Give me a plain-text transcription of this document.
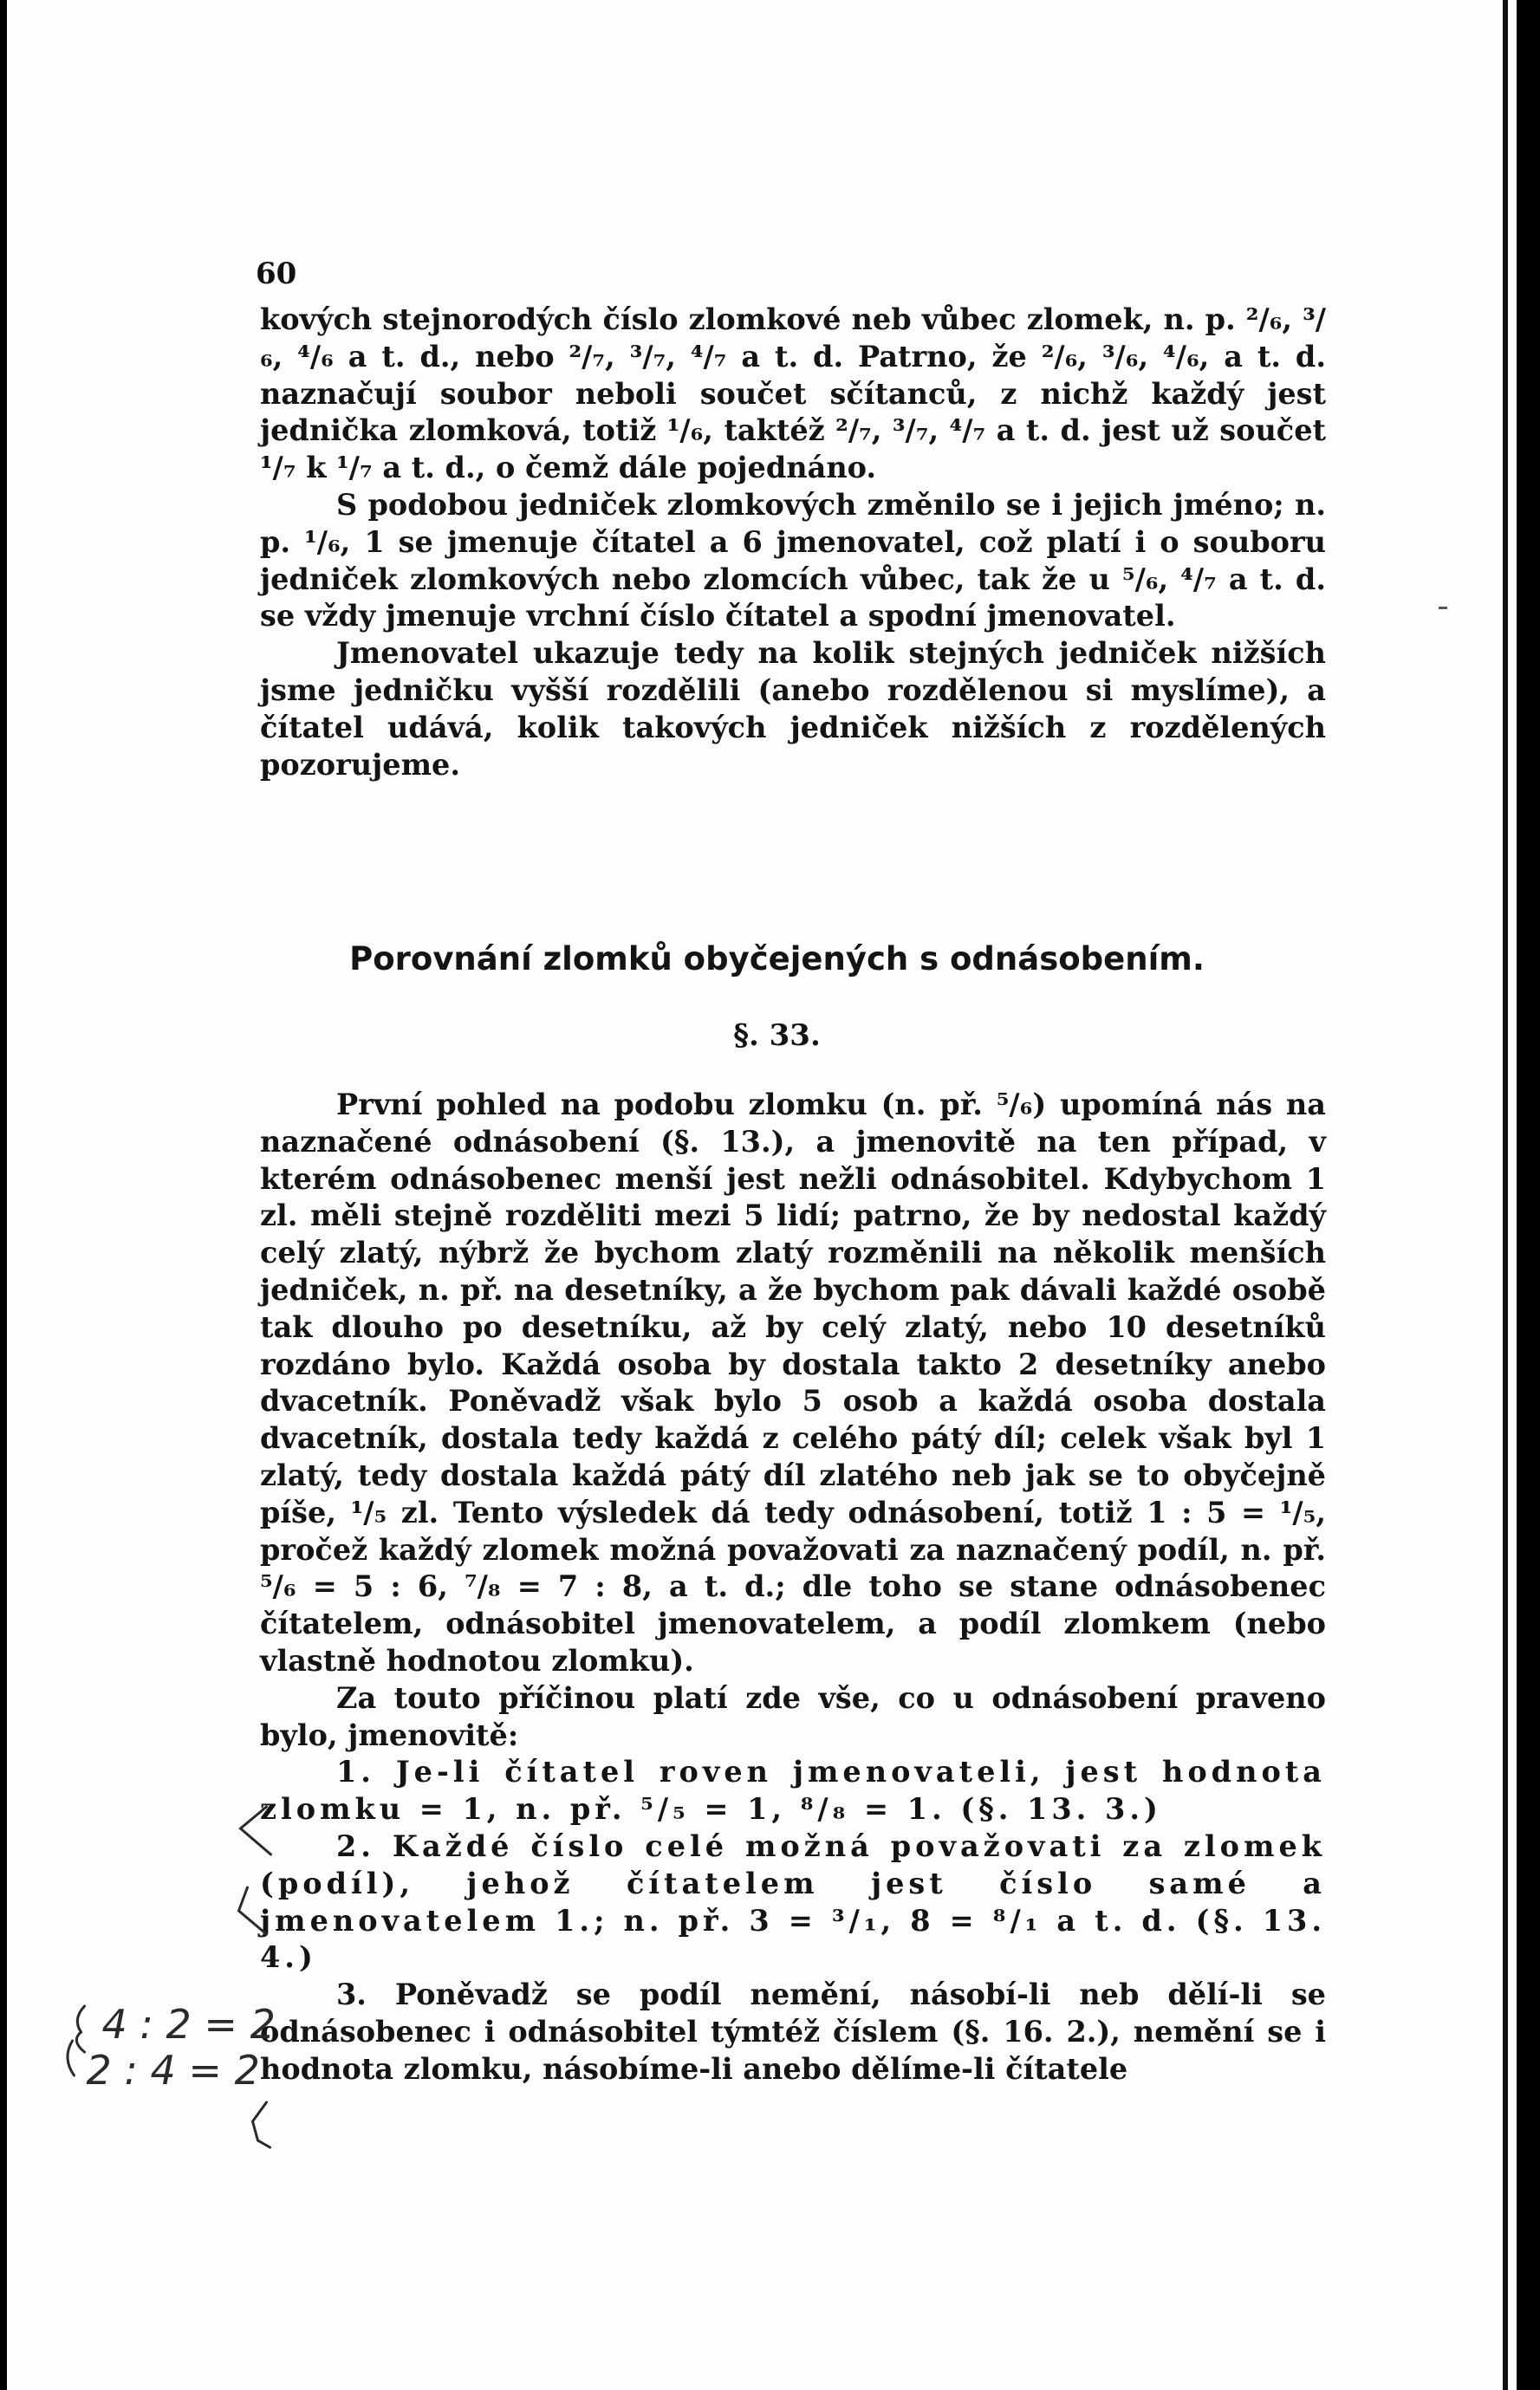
60

kových stejnorodých číslo zlomkové neb vůbec zlomek, n. p. ²/₆, ³/₆, ⁴/₆ a t. d., nebo ²/₇, ³/₇, ⁴/₇ a t. d. Patrno, že ²/₆, ³/₆, ⁴/₆, a t. d. naznačují soubor neboli součet sčítanců, z nichž každý jest jednička zlomková, totiž ¹/₆, taktéž ²/₇, ³/₇, ⁴/₇ a t. d. jest už součet ¹/₇ k ¹/₇ a t. d., o čemž dále pojednáno.

S podobou jedniček zlomkových změnilo se i jejich jméno; n. p. ¹/₆, 1 se jmenuje čítatel a 6 jmenovatel, což platí i o souboru jedniček zlomkových nebo zlomcích vůbec, tak že u ⁵/₆, ⁴/₇ a t. d. se vždy jmenuje vrchní číslo čítatel a spodní jmenovatel.

Jmenovatel ukazuje tedy na kolik stejných jedniček nižších jsme jedničku vyšší rozdělili (anebo rozdělenou si myslíme), a čítatel udává, kolik takových jedniček nižších z rozdělených pozorujeme.

Porovnání zlomků obyčejených s odnásobením.
§. 33.

První pohled na podobu zlomku (n. př. ⁵/₆) upomíná nás na naznačené odnásobení (§. 13.), a jmenovitě na ten případ, v kterém odnásobenec menší jest nežli odnásobitel. Kdybychom 1 zl. měli stejně rozděliti mezi 5 lidí; patrno, že by nedostal každý celý zlatý, nýbrž že bychom zlatý rozměnili na několik menších jedniček, n. př. na desetníky, a že bychom pak dávali každé osobě tak dlouho po desetníku, až by celý zlatý, nebo 10 desetníků rozdáno bylo. Každá osoba by dostala takto 2 desetníky anebo dvacetník. Poněvadž však bylo 5 osob a každá osoba dostala dvacetník, dostala tedy každá z celého pátý díl; celek však byl 1 zlatý, tedy dostala každá pátý díl zlatého neb jak se to obyčejně píše, ¹/₅ zl. Tento výsledek dá tedy odnásobení, totiž 1 : 5 = ¹/₅, pročež každý zlomek možná považovati za naznačený podíl, n. př. ⁵/₆ = 5 : 6, ⁷/₈ = 7 : 8, a t. d.; dle toho se stane odnásobenec čítatelem, odnásobitel jmenovatelem, a podíl zlomkem (nebo vlastně hodnotou zlomku).

Za touto příčinou platí zde vše, co u odnásobení praveno bylo, jmenovitě:

1. Je-li čítatel roven jmenovateli, jest hodnota zlomku = 1, n. př. ⁵/₅ = 1, ⁸/₈ = 1. (§. 13. 3.)

2. Každé číslo celé možná považovati za zlomek (podíl), jehož čítatelem jest číslo samé a jmenovatelem 1.; n. př. 3 = ³/₁, 8 = ⁸/₁ a t. d. (§. 13. 4.)

3. Poněvadž se podíl nemění, násobí-li neb dělí-li se odnásobenec i odnásobitel týmtéž číslem (§. 16. 2.), nemění se i hodnota zlomku, násobíme-li anebo dělíme-li čítatele

4 : 2 = 2
2 : 4 = 2
